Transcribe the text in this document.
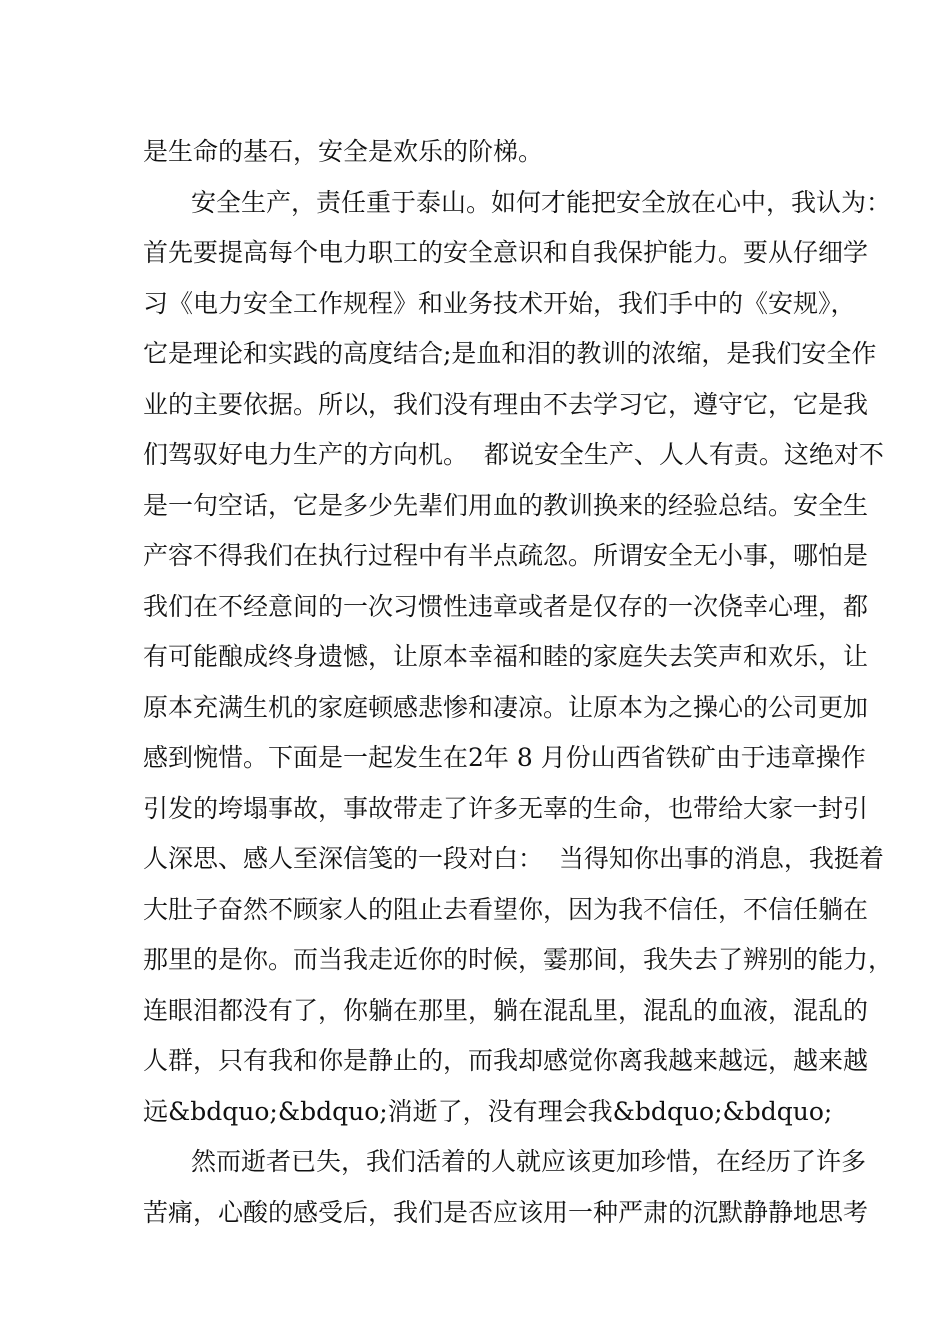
是生命的基石，安全是欢乐的阶梯。
安全生产，责任重于泰山。如何才能把安全放在心中，我认为：
首先要提高每个电力职工的安全意识和自我保护能力。要从仔细学
习《电力安全工作规程》和业务技术开始，我们手中的《安规》，
它是理论和实践的高度结合;是血和泪的教训的浓缩，是我们安全作
业的主要依据。所以，我们没有理由不去学习它，遵守它，它是我
们驾驭好电力生产的方向机。  都说安全生产、人人有责。这绝对不
是一句空话，它是多少先辈们用血的教训换来的经验总结。安全生
产容不得我们在执行过程中有半点疏忽。所谓安全无小事，哪怕是
我们在不经意间的一次习惯性违章或者是仅存的一次侥幸心理，都
有可能酿成终身遗憾，让原本幸福和睦的家庭失去笑声和欢乐，让
原本充满生机的家庭顿感悲惨和凄凉。让原本为之操心的公司更加
感到惋惜。下面是一起发生在2年 8 月份山西省铁矿由于违章操作
引发的垮塌事故，事故带走了许多无辜的生命，也带给大家一封引
人深思、感人至深信笺的一段对白：  当得知你出事的消息，我挺着
大肚子奋然不顾家人的阻止去看望你，因为我不信任，不信任躺在
那里的是你。而当我走近你的时候，霎那间，我失去了辨别的能力，
连眼泪都没有了，你躺在那里，躺在混乱里，混乱的血液，混乱的
人群，只有我和你是静止的，而我却感觉你离我越来越远，越来越
远&bdquo;&bdquo;消逝了，没有理会我&bdquo;&bdquo;
然而逝者已失，我们活着的人就应该更加珍惜，在经历了许多
苦痛，心酸的感受后，我们是否应该用一种严肃的沉默静静地思考
